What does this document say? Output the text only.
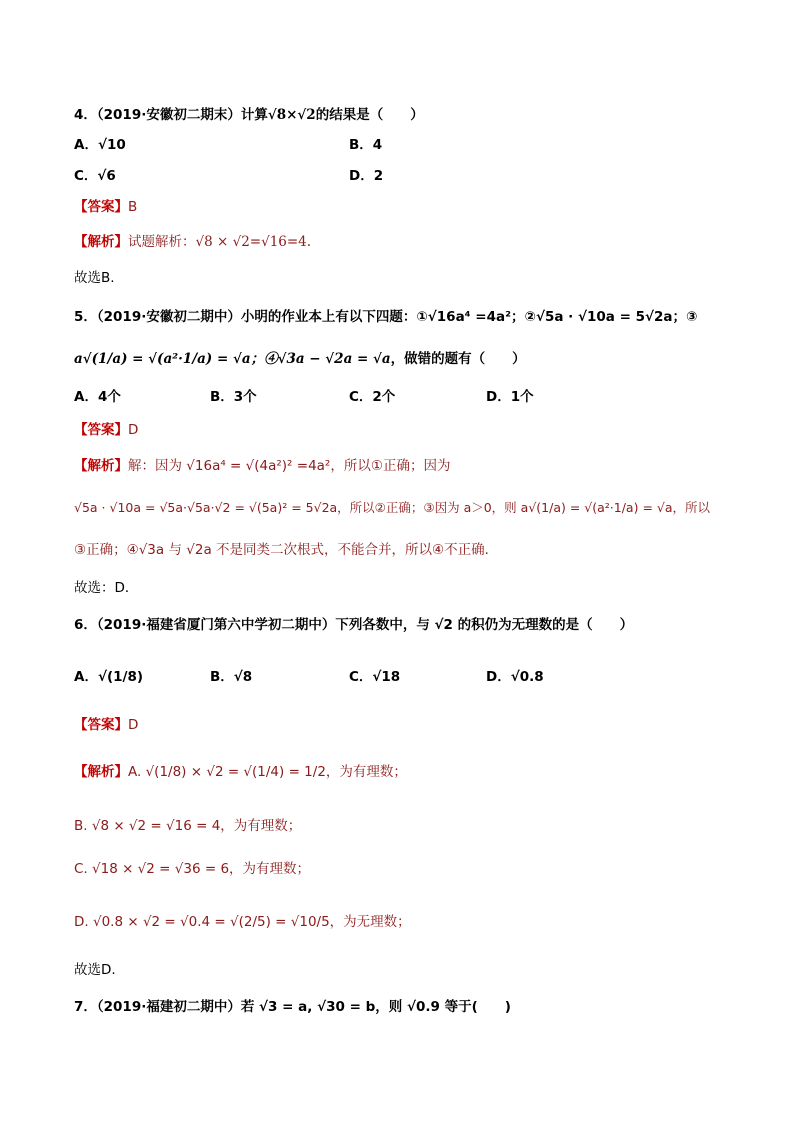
4．（2019·安徽初二期末）计算√8×√2的结果是（　　）
A．√10	B．4
C．√6	D．2
【答案】B
【解析】试题解析：√8 × √2=√16=4.
故选B.
5．（2019·安徽初二期中）小明的作业本上有以下四题：①√16a⁴ =4a²；②√5a · √10a = 5√2a；③
a√(1/a) = √(a²·1/a) = √a；④√3a − √2a = √a，做错的题有（　　）
A．4个	B．3个	C．2个	D．1个
【答案】D
【解析】解：因为 √16a⁴ = √(4a²)² =4a²，所以①正确；因为
√5a · √10a = √5a·√5a·√2 = √(5a)² = 5√2a，所以②正确；③因为 a＞0，则 a√(1/a) = √(a²·1/a) = √a，所以
③正确；④√3a 与 √2a 不是同类二次根式，不能合并，所以④不正确．
故选：D．
6．（2019·福建省厦门第六中学初二期中）下列各数中，与 √2 的积仍为无理数的是（　　）
A．√(1/8)	B．√8	C．√18	D．√0.8
【答案】D
【解析】A. √(1/8) × √2 = √(1/4) = 1/2，为有理数；
B. √8 × √2 = √16 = 4，为有理数；
C. √18 × √2 = √36 = 6，为有理数；
D. √0.8 × √2 = √0.4 = √(2/5) = √10/5，为无理数；
故选D.
7．（2019·福建初二期中）若 √3 = a, √30 = b，则 √0.9 等于(　　)
